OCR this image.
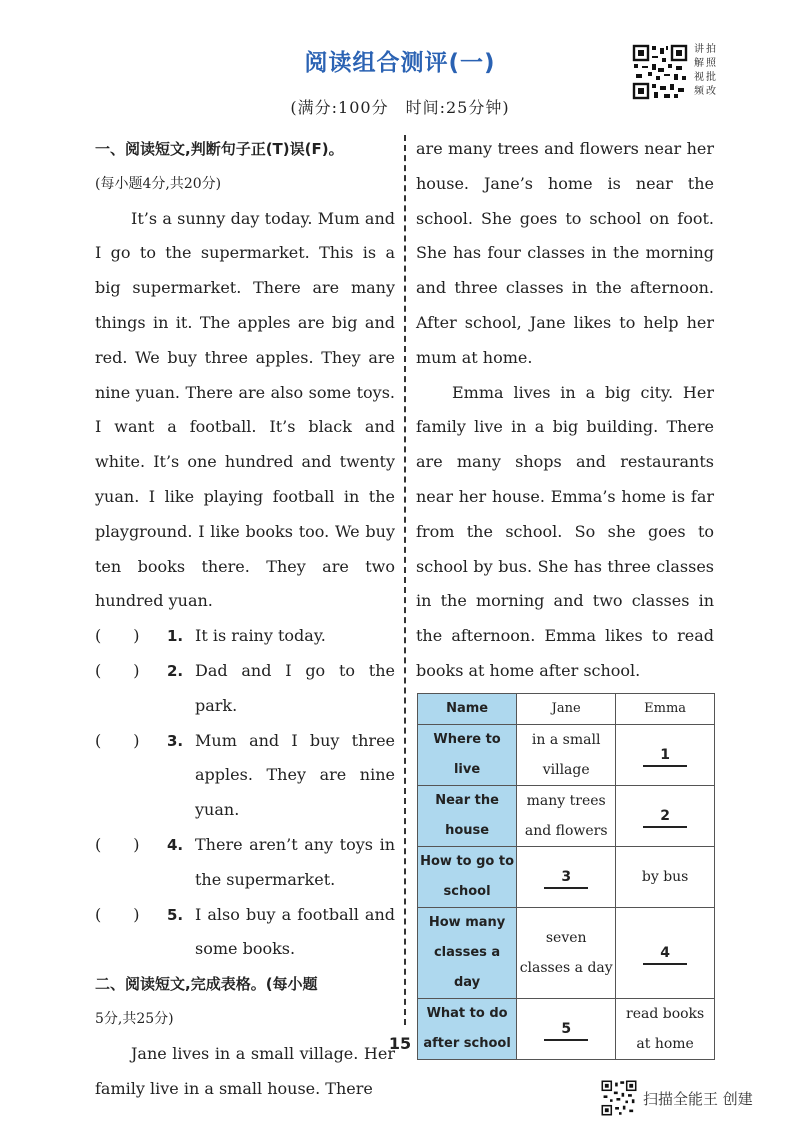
阅读组合测评(一)
(满分:100分　时间:25分钟)
讲
解
视
频
拍
照
批
改

一、阅读短文,判断句子正(T)误(F)。

(每小题4分,共20分)

It’s a sunny day today. Mum and I go to the supermarket. This is a big supermarket. There are many things in it. The apples are big and red. We buy three apples. They are nine yuan. There are also some toys. I want a football. It’s black and white. It’s one hundred and twenty yuan. I like playing football in the playground. I like books too. We buy ten books there. They are two hundred yuan.

(　　)	1. It is rainy today.
(　　)	2. Dad and I go to the park.
(　　)	3. Mum and I buy three apples. They are nine yuan.
(　　)	4. There aren’t any toys in the supermarket.
(　　)	5. I also buy a football and some books.

二、阅读短文,完成表格。(每小题

5分,共25分)

Jane lives in a small village. Her family live in a small house. There

are many trees and flowers near her house. Jane’s home is near the school. She goes to school on foot. She has four classes in the morning and three classes in the afternoon. After school, Jane likes to help her mum at home.

Emma lives in a big city. Her family live in a big building. There are many shops and restaurants near her house. Emma’s home is far from the school. So she goes to school by bus. She has three classes in the morning and two classes in the afternoon. Emma likes to read books at home after school.

Name	Jane	Emma
Where to live	in a small village	1
Near the house	many trees and flowers	2
How to go to school	3	by bus
How many classes a day	seven classes a day	4
What to do after school	5	read books at home
15
扫描全能王 创建
